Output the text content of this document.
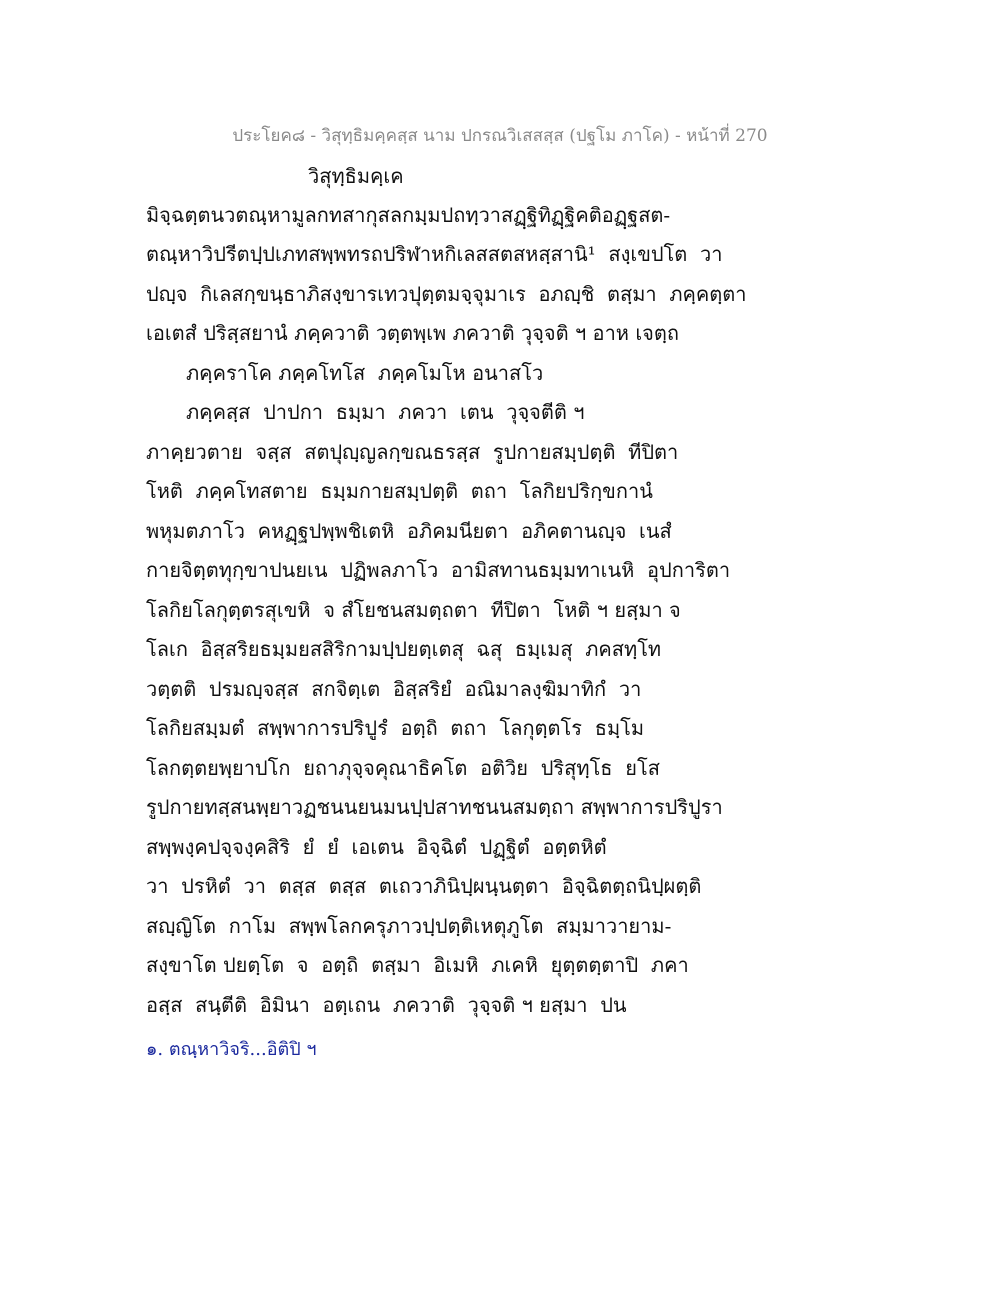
ประโยค๘ - วิสุทฺธิมคฺคสฺส นาม ปกรณวิเสสสฺส (ปฐโม ภาโค) - หน้าที่ 270
วิสุทฺธิมคฺเค
มิจฺฉตฺตนวตณฺหามูลกทสากุสลกมฺมปถทฺวาสฏฺฐิทิฏฺฐิคติอฏฺฐสต-
ตณฺหาวิปรีตปฺปเภทสพฺพทรถปริฬาหกิเลสสตสหสฺสานิ¹  สงฺเขปโต  วา
ปญฺจ  กิเลสกฺขนฺธาภิสงฺขารเทวปุตฺตมจฺจุมาเร  อภญฺชิ  ตสฺมา  ภคฺคตฺตา
เอเตสํ ปริสฺสยานํ ภคฺควาติ วตฺตพฺเพ ภควาติ วุจฺจติ ฯ อาห เจตฺถ
ภคฺคราโค ภคฺคโทโส  ภคฺคโมโห อนาสโว
ภคฺคสฺส  ปาปกา  ธมฺมา  ภควา  เตน  วุจฺจตีติ ฯ
ภาคฺยวตาย  จสฺส  สตปุญฺญลกฺขณธรสฺส  รูปกายสมฺปตฺติ  ทีปิตา
โหติ  ภคฺคโทสตาย  ธมฺมกายสมฺปตฺติ  ตถา  โลกิยปริกฺขกานํ
พหุมตภาโว  คหฏฺฐปพฺพชิเตหิ  อภิคมนียตา  อภิคตานญฺจ  เนสํ
กายจิตฺตทุกฺขาปนยเน  ปฏิพลภาโว  อามิสทานธมฺมทาเนหิ  อุปการิตา
โลกิยโลกุตฺตรสุเขหิ  จ สํโยชนสมตฺถตา  ทีปิตา  โหติ ฯ ยสฺมา จ
โลเก  อิสฺสริยธมฺมยสสิริกามปฺปยตฺเตสุ  ฉสุ  ธมฺเมสุ  ภคสทฺโท
วตฺตติ  ปรมญฺจสฺส  สกจิตฺเต  อิสฺสริยํ  อณิมาลงฺฆิมาทิกํ  วา
โลกิยสมฺมตํ  สพฺพาการปริปูรํ  อตฺถิ  ตถา  โลกุตฺตโร  ธมฺโม
โลกตฺตยพฺยาปโก  ยถาภุจฺจคุณาธิคโต  อติวิย  ปริสุทฺโธ  ยโส
รูปกายทสฺสนพฺยาวฏชนนยนมนปฺปสาทชนนสมตฺถา สพฺพาการปริปูรา
สพฺพงฺคปจฺจงฺคสิริ  ยํ  ยํ  เอเตน  อิจฺฉิตํ  ปฏฺฐิตํ  อตฺตหิตํ
วา  ปรหิตํ  วา  ตสฺส  ตสฺส  ตเถวาภินิปฺผนฺนตฺตา  อิจฺฉิตตฺถนิปฺผตฺติ
สญฺญิโต  กาโม  สพฺพโลกครุภาวปฺปตฺติเหตุภูโต  สมฺมาวายาม-
สงฺขาโต ปยตฺโต  จ  อตฺถิ  ตสฺมา  อิเมหิ  ภเคหิ  ยุตฺตตฺตาปิ  ภคา
อสฺส  สนฺตีติ  อิมินา  อตฺเถน  ภควาติ  วุจฺจติ ฯ ยสฺมา  ปน
๑. ตณฺหาวิจริ...อิติปิ ฯ
